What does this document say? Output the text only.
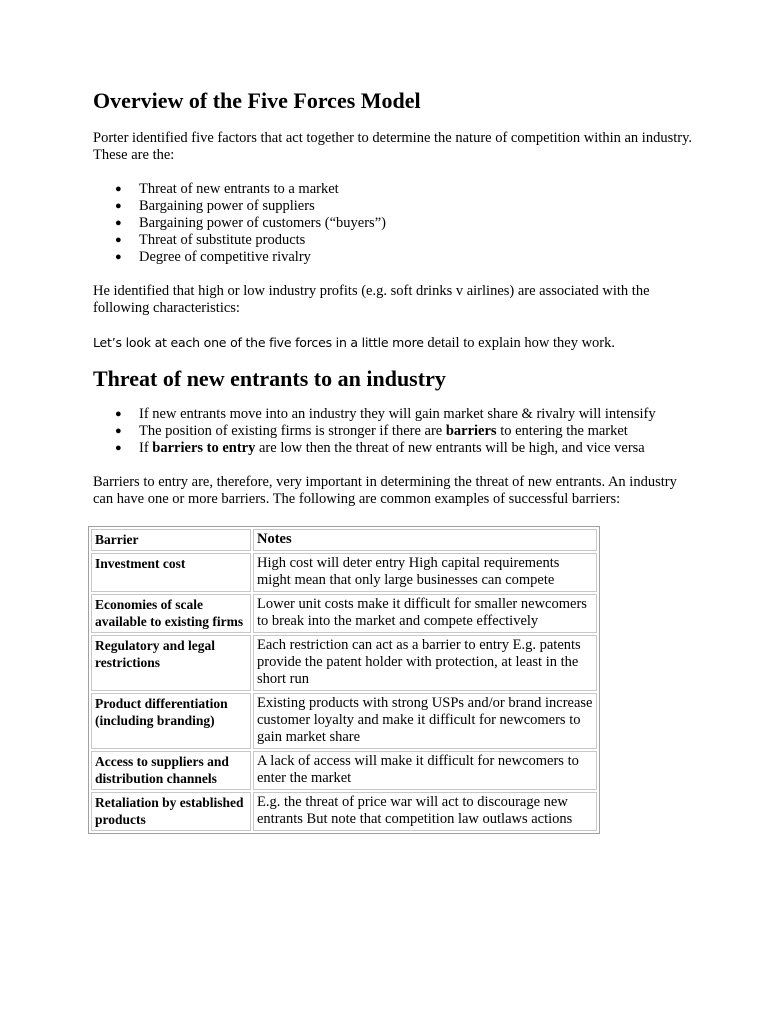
Overview of the Five Forces Model

Porter identified five factors that act together to determine the nature of competition within an industry. These are the:

● Threat of new entrants to a market
● Bargaining power of suppliers
● Bargaining power of customers (“buyers”)
● Threat of substitute products
● Degree of competitive rivalry

He identified that high or low industry profits (e.g. soft drinks v airlines) are associated with the following characteristics:

Let’s look at each one of the five forces in a little more detail to explain how they work.

Threat of new entrants to an industry
● If new entrants move into an industry they will gain market share & rivalry will intensify
● The position of existing firms is stronger if there are barriers to entering the market
● If barriers to entry are low then the threat of new entrants will be high, and vice versa

Barriers to entry are, therefore, very important in determining the threat of new entrants. An industry can have one or more barriers. The following are common examples of successful barriers:

Barrier	Notes
Investment cost	High cost will deter entry High capital requirements might mean that only large businesses can compete
Economies of scale available to existing firms	Lower unit costs make it difficult for smaller newcomers to break into the market and compete effectively
Regulatory and legal restrictions	Each restriction can act as a barrier to entry E.g. patents provide the patent holder with protection, at least in the short run
Product differentiation (including branding)	Existing products with strong USPs and/or brand increase customer loyalty and make it difficult for newcomers to gain market share
Access to suppliers and distribution channels	A lack of access will make it difficult for newcomers to enter the market
Retaliation by established products	E.g. the threat of price war will act to discourage new entrants But note that competition law outlaws actions
